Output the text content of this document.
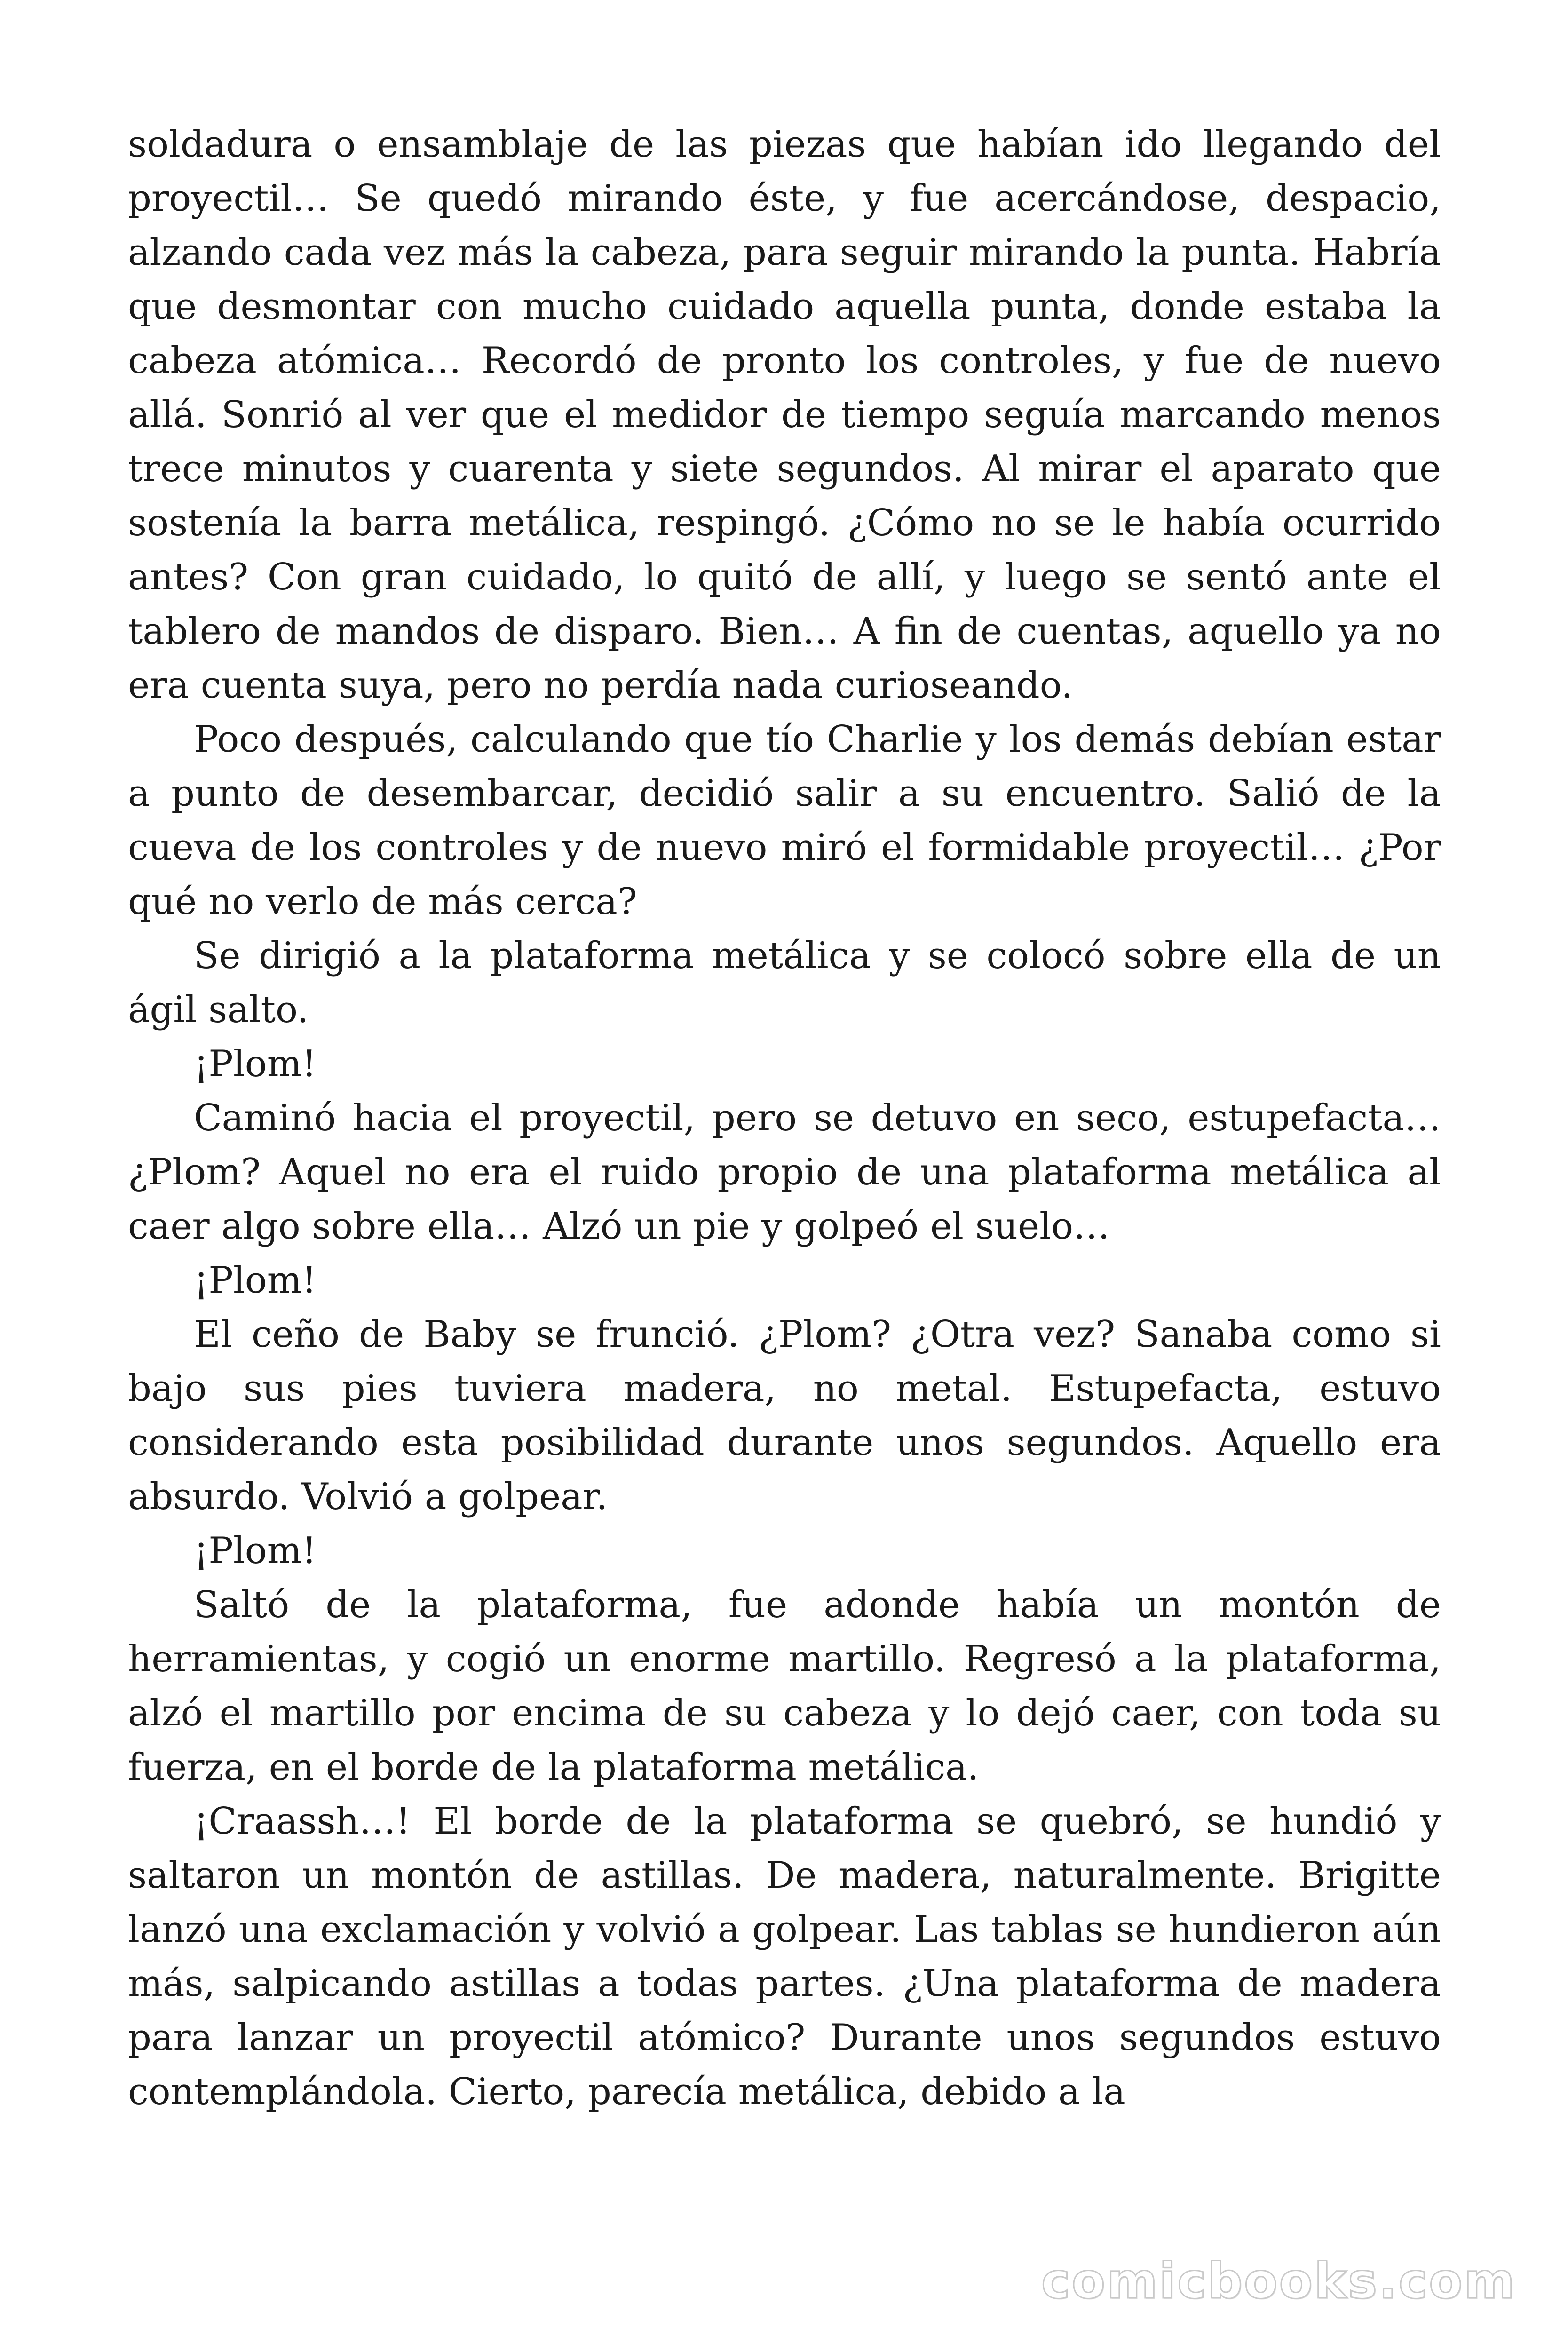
soldadura o ensamblaje de las piezas que habían ido llegando del proyectil… Se quedó mirando éste, y fue acercándose, despacio, alzando cada vez más la cabeza, para seguir mirando la punta. Habría que desmontar con mucho cuidado aquella punta, donde estaba la cabeza atómica… Recordó de pronto los controles, y fue de nuevo allá. Sonrió al ver que el medidor de tiempo seguía marcando menos trece minutos y cuarenta y siete segundos. Al mirar el aparato que sostenía la barra metálica, respingó. ¿Cómo no se le había ocurrido antes? Con gran cuidado, lo quitó de allí, y luego se sentó ante el tablero de mandos de disparo. Bien… A fin de cuentas, aquello ya no era cuenta suya, pero no perdía nada curioseando.

Poco después, calculando que tío Charlie y los demás debían estar a punto de desembarcar, decidió salir a su encuentro. Salió de la cueva de los controles y de nuevo miró el formidable proyectil… ¿Por qué no verlo de más cerca?

Se dirigió a la plataforma metálica y se colocó sobre ella de un ágil salto.

¡Plom!

Caminó hacia el proyectil, pero se detuvo en seco, estupefacta… ¿Plom? Aquel no era el ruido propio de una plataforma metálica al caer algo sobre ella… Alzó un pie y golpeó el suelo…

¡Plom!

El ceño de Baby se frunció. ¿Plom? ¿Otra vez? Sanaba como si bajo sus pies tuviera madera, no metal. Estupefacta, estuvo considerando esta posibilidad durante unos segundos. Aquello era absurdo. Volvió a golpear.

¡Plom!

Saltó de la plataforma, fue adonde había un montón de herramientas, y cogió un enorme martillo. Regresó a la plataforma, alzó el martillo por encima de su cabeza y lo dejó caer, con toda su fuerza, en el borde de la plataforma metálica.

¡Craassh…! El borde de la plataforma se quebró, se hundió y saltaron un montón de astillas. De madera, naturalmente. Brigitte lanzó una exclamación y volvió a golpear. Las tablas se hundieron aún más, salpicando astillas a todas partes. ¿Una plataforma de madera para lanzar un proyectil atómico? Durante unos segundos estuvo contemplándola. Cierto, parecía metálica, debido a la

comicbooks.com
